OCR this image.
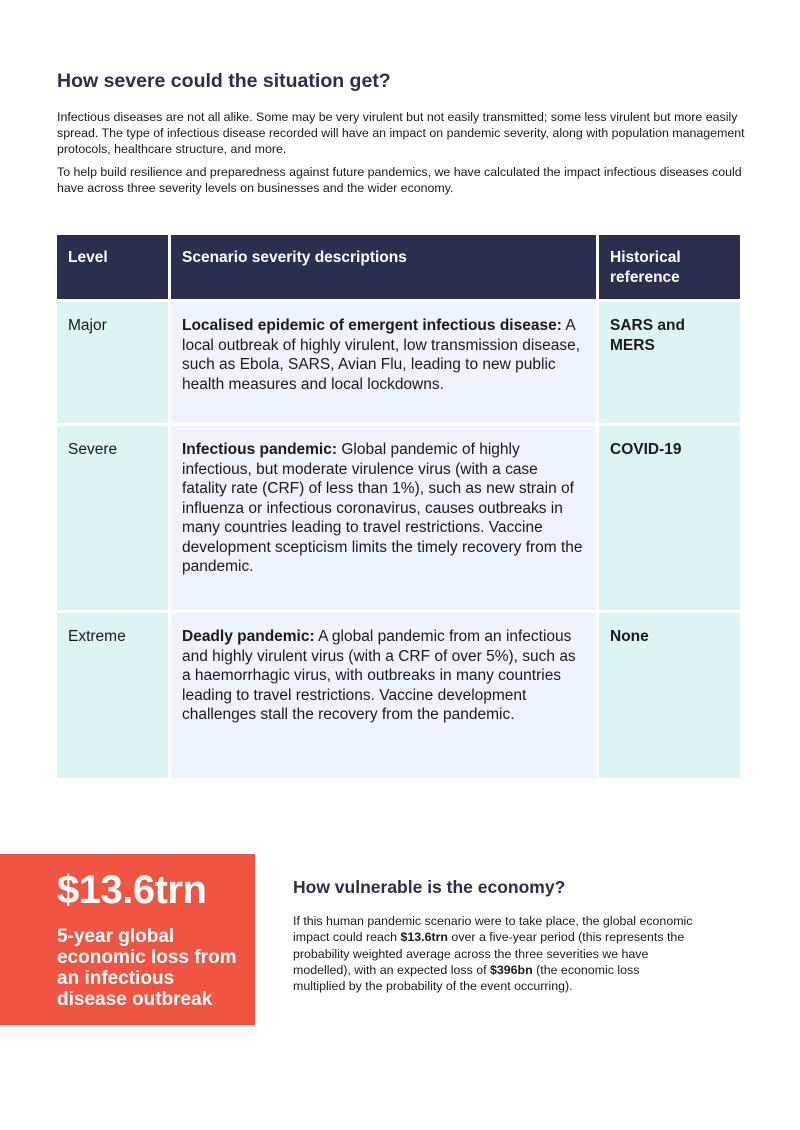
How severe could the situation get?

Infectious diseases are not all alike. Some may be very virulent but not easily transmitted; some less virulent but more easily spread. The type of infectious disease recorded will have an impact on pandemic severity, along with population management protocols, healthcare structure, and more.

To help build resilience and preparedness against future pandemics, we have calculated the impact infectious diseases could have across three severity levels on businesses and the wider economy.

Level	Scenario severity descriptions	Historical reference
Major	Localised epidemic of emergent infectious disease: A local outbreak of highly virulent, low transmission disease, such as Ebola, SARS, Avian Flu, leading to new public health measures and local lockdowns.	SARS and MERS
Severe	Infectious pandemic: Global pandemic of highly infectious, but moderate virulence virus (with a case fatality rate (CRF) of less than 1%), such as new strain of influenza or infectious coronavirus, causes outbreaks in many countries leading to travel restrictions. Vaccine development scepticism limits the timely recovery from the pandemic.	COVID-19
Extreme	Deadly pandemic: A global pandemic from an infectious and highly virulent virus (with a CRF of over 5%), such as a haemorrhagic virus, with outbreaks in many countries leading to travel restrictions. Vaccine development challenges stall the recovery from the pandemic.	None

$13.6trn

5-year global economic loss from an infectious disease outbreak

How vulnerable is the economy?

If this human pandemic scenario were to take place, the global economic impact could reach $13.6trn over a five-year period (this represents the probability weighted average across the three severities we have modelled), with an expected loss of $396bn (the economic loss multiplied by the probability of the event occurring).
